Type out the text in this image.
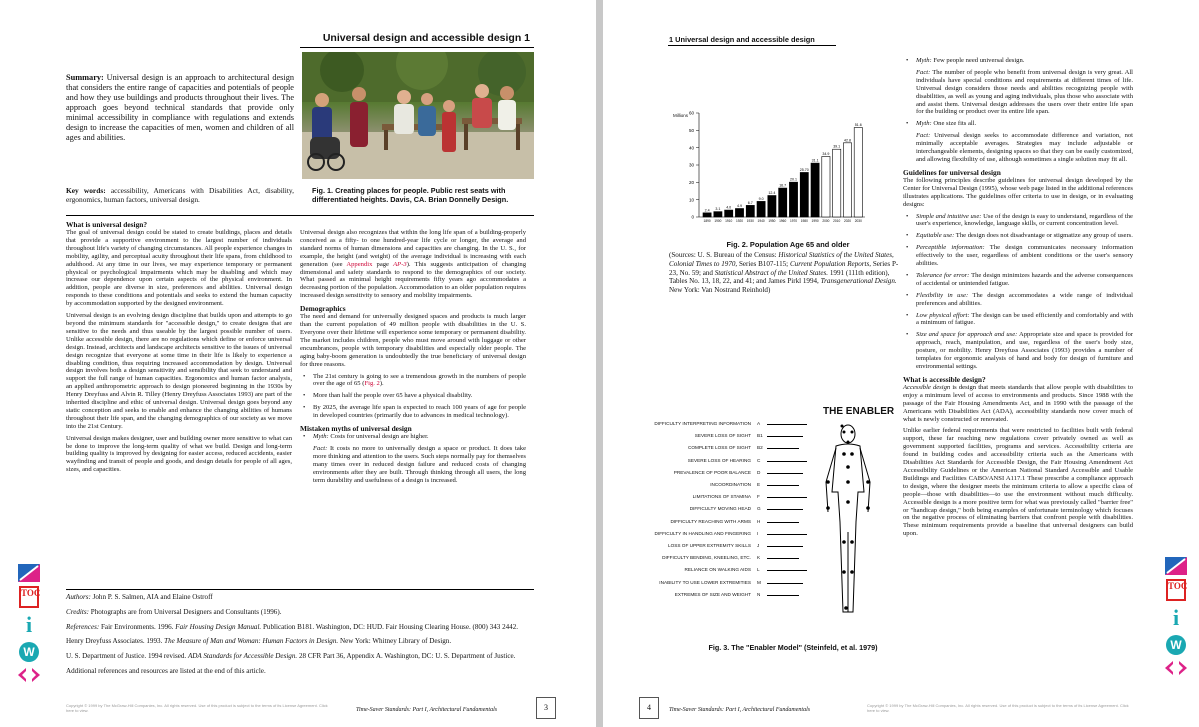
Universal design and accessible design 1
Summary: Universal design is an approach to architectural design that considers the entire range of capacities and potentials of people and how they use buildings and products throughout their lives. The approach goes beyond technical standards that provide only minimal accessibility in compliance with regulations and extends design to increase the capacities of men, women and children of all ages and abilities.
Key words: accessibility, Americans with Disabilities Act, disability, ergonomics, human factors, universal design.
Fig. 1. Creating places for people. Public rest seats with differentiated heights. Davis, CA. Brian Donnelly Design.
What is universal design?

The goal of universal design could be stated to create buildings, places and details that provide a supportive environment to the largest number of individuals throughout life's variety of changing circumstances. All people experience changes in mobility, agility, and perceptual acuity throughout their life spans, from childhood to adulthood. At any time in our lives, we may experience temporary or permanent physical or psychological impairments which may be disabling and which may increase our dependence upon certain aspects of the physical environment. In addition, people are diverse in size, preferences and abilities. Universal design responds to these conditions and potentials and seeks to extend the human capacity by accommodation supported by the designed environment.

Universal design is an evolving design discipline that builds upon and attempts to go beyond the minimum standards for "accessible design," to create designs that are sensitive to the needs and thus useable by the largest possible number of users. Unlike accessible design, there are no regulations which define or enforce universal design. Instead, architects and landscape architects sensitive to the issues of universal design recognize that everyone at some time in their life is likely to experience a disabling condition, thus requiring increased accommodation by design. Universal design involves both a design sensitivity and sensibility that seek to understand and support the full range of human capacities. Ergonomics and human factor analysis, an applied anthropometric approach to design pioneered beginning in the 1930s by Henry Dreyfuss and Alvin R. Tilley (Henry Dreyfuss Associates 1993) are part of the inherited discipline and ethic of universal design. Universal design goes beyond any static conception and seeks to enable and enhance the changing abilities of humans throughout their life span, and the changing demographics of our society as we move into the 21st Century.

Universal design makes designer, user and building owner more sensitive to what can be done to improve the long-term quality of what we build. Design and long-term building quality is improved by designing for easier access, reduced accidents, easier wayfinding and transit of people and goods, and design details for people of all ages, sizes, and capacities.

Universal design also recognizes that within the long life span of a building-properly conceived as a fifty- to one hundred-year life cycle or longer, the average and standard norms of human dimensions and capacities are changing. In the U. S., for example, the height (and weight) of the average individual is increasing with each generation (see Appendix page AP-3). This suggests anticipation of changing dimensional and safety standards to respond to the demographics of our society. What passed as minimal height requirements fifty years ago accommodates a decreasing portion of the population. Accommodation to an older population requires increased design sensitivity to sensory and mobility impairments.

Demographics

The need and demand for universally designed spaces and products is much larger than the current population of 49 million people with disabilities in the U. S. Everyone over their lifetime will experience some temporary or permanent disability. The market includes children, people who must move around with luggage or other encumbrances, people with temporary disabilities and especially older people. The aging baby-boom generation is undoubtedly the true beneficiary of universal design for three reasons.

• The 21st century is going to see a tremendous growth in the numbers of people over the age of 65 (Fig. 2).
• More than half the people over 65 have a physical disability.
• By 2025, the average life span is expected to reach 100 years of age for people in developed countries (primarily due to advances in medical technology).
Mistaken myths of universal design
• Myth: Costs for universal design are higher.
Fact: It costs no more to universally design a space or product. It does take more thinking and attention to the users. Such steps normally pay for themselves many times over in reduced design failure and reduced costs of changing environments after they are built. Through thinking through all users, the long term durability and usefulness of a design is increased.

Authors: John P. S. Salmen, AIA and Elaine Ostroff

Credits: Photographs are from Universal Designers and Consultants (1996).

References: Fair Environments. 1996. Fair Housing Design Manual. Publication B181. Washington, DC: HUD. Fair Housing Clearing House. (800) 343 2442.

Henry Dreyfuss Associates. 1993. The Measure of Man and Woman: Human Factors in Design. New York: Whitney Library of Design.

U. S. Department of Justice. 1994 revised. ADA Standards for Accessible Design. 28 CFR Part 36, Appendix A. Washington, DC: U. S. Department of Justice.

Additional references and resources are listed at the end of this article.

Copyright © 1999 by The McGraw-Hill Companies, Inc. All rights reserved. Use of this product is subject to the terms of its License Agreement. Click here to view.	Time-Saver Standards: Part I, Architectural Fundamentals	3
TOC
i
W
1 Universal design and accessible design
0
10
20
30
40
50
60
2.4
1890
3.1
1900
4.0
1910
4.9
1920
6.7
1930
9.0
1940
12.4
1950
16.7
1960
20.1
1970
25.70
1980
31.1
1990
34.9
2000
39.1
2010
42.8
2020
51.6
2030
Millions
Fig. 2. Population Age 65 and older
(Sources: U. S. Bureau of the Census: Historical Statistics of the United States, Colonial Times to 1970, Series B107-115; Current Population Reports, Series P-23, No. 59; and Statistical Abstract of the United States. 1991 (111th edition), Tables No. 13, 18, 22, and 41; and James Pirkl 1994, Transgenerational Design. New York: Van Nostrand Reinhold)
THE ENABLER
DIFFICULTY INTERPRETING INFORMATION A
SEVERE LOSS OF SIGHT B1
COMPLETE LOSS OF SIGHT B2
SEVERE LOSS OF HEARING C
PREVALENCE OF POOR BALANCE D
INCOORDINATION E
LIMITATIONS OF STAMINA F
DIFFICULTY MOVING HEAD G
DIFFICULTY REACHING WITH ARMS H
DIFFICULTY IN HANDLING AND FINGERING I
LOSS OF UPPER EXTREMITY SKILLS J
DIFFICULTY BENDING, KNEELING, ETC. K
RELIANCE ON WALKING AIDS L
INABILITY TO USE LOWER EXTREMITIES M
EXTREMES OF SIZE AND WEIGHT N
Fig. 3. The "Enabler Model" (Steinfeld, et al. 1979)
• Myth: Few people need universal design.
Fact: The number of people who benefit from universal design is very great. All individuals have special conditions and requirements at different times of life. Universal design considers those needs and abilities recognizing people with disabilities, as well as young and aging individuals, plus those who associate with and assist them. Universal design addresses the users over their entire life span for the building or product over its entire life span.
• Myth: One size fits all.
Fact: Universal design seeks to accommodate difference and variation, not minimally acceptable averages. Strategies may include adjustable or interchangeable elements, designing spaces so that they can be easily customized, and allowing flexibility of use, although sometimes a single solution may fit all.
Guidelines for universal design

The following principles describe guidelines for universal design developed by the Center for Universal Design (1995), whose web page listed in the additional references illustrates applications. The guidelines offer criteria to use in design, or in evaluating designs:

• Simple and intuitive use: Use of the design is easy to understand, regardless of the user's experience, knowledge, language skills, or current concentration level.
• Equitable use: The design does not disadvantage or stigmatize any group of users.
• Perceptible information: The design communicates necessary information effectively to the user, regardless of ambient conditions or the user's sensory abilities.
• Tolerance for error: The design minimizes hazards and the adverse consequences of accidental or unintended fatigue.
• Flexibility in use: The design accommodates a wide range of individual preferences and abilities.
• Low physical effort: The design can be used efficiently and comfortably and with a minimum of fatigue.
• Size and space for approach and use: Appropriate size and space is provided for approach, reach, manipulation, and use, regardless of the user's body size, posture, or mobility. Henry Dreyfuss Associates (1993) provides a number of templates for ergonomic analysis of hand and body for design of furniture and environmental settings.
What is accessible design?

Accessible design is design that meets standards that allow people with disabilities to enjoy a minimum level of access to environments and products. Since 1988 with the passage of the Fair Housing Amendments Act, and in 1990 with the passage of the Americans with Disabilities Act (ADA), accessibility standards now cover much of what is newly constructed or renovated.

Unlike earlier federal requirements that were restricted to facilities built with federal support, these far reaching new regulations cover privately owned as well as government supported facilities, programs and services. Accessibility criteria are found in building codes and accessibility criteria such as the Americans with Disabilities Act Standards for Accessible Design, the Fair Housing Amendment Act Accessibility Guidelines or the American National Standard Accessible and Usable Buildings and Facilities CABO/ANSI A117.1 These prescribe a compliance approach to design, where the designer meets the minimum criteria to allow a specific class of people—those with disabilities—to use the environment without much difficulty. Accessible design is a more positive term for what was previously called "barrier free" or "handicap design," both being examples of unfortunate terminology which focuses on the negative process of eliminating barriers that confront people with disabilities. These minimum requirements provide a baseline that universal designers can build upon.

4	Time-Saver Standards: Part I, Architectural Fundamentals
Copyright © 1999 by The McGraw-Hill Companies, Inc. All rights reserved. Use of this product is subject to the terms of its License Agreement. Click here to view.
TOC
i
W
